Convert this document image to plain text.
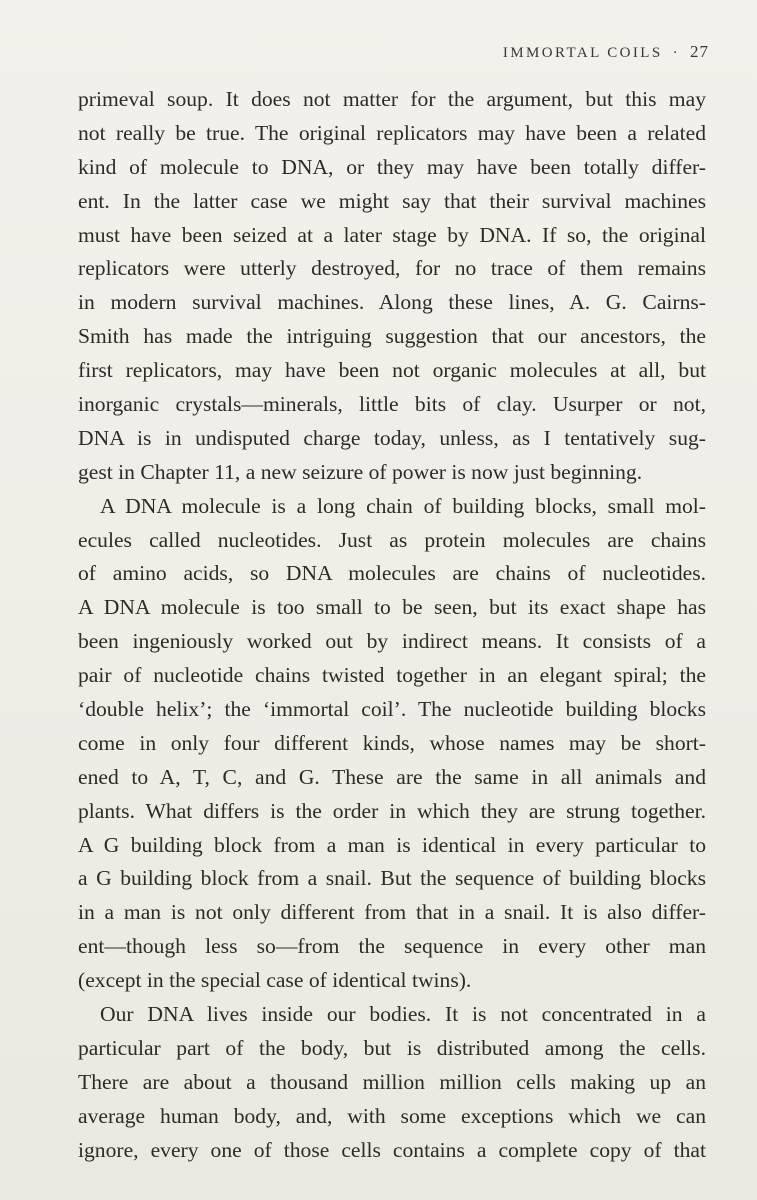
IMMORTAL COILS · 27
primeval soup. It does not matter for the argument, but this may
not really be true. The original replicators may have been a related
kind of molecule to DNA, or they may have been totally differ-
ent. In the latter case we might say that their survival machines
must have been seized at a later stage by DNA. If so, the original
replicators were utterly destroyed, for no trace of them remains
in modern survival machines. Along these lines, A. G. Cairns-
Smith has made the intriguing suggestion that our ancestors, the
first replicators, may have been not organic molecules at all, but
inorganic crystals—minerals, little bits of clay. Usurper or not,
DNA is in undisputed charge today, unless, as I tentatively sug-
gest in Chapter 11, a new seizure of power is now just beginning.
A DNA molecule is a long chain of building blocks, small mol-
ecules called nucleotides. Just as protein molecules are chains
of amino acids, so DNA molecules are chains of nucleotides.
A DNA molecule is too small to be seen, but its exact shape has
been ingeniously worked out by indirect means. It consists of a
pair of nucleotide chains twisted together in an elegant spiral; the
‘double helix’; the ‘immortal coil’. The nucleotide building blocks
come in only four different kinds, whose names may be short-
ened to A, T, C, and G. These are the same in all animals and
plants. What differs is the order in which they are strung together.
A G building block from a man is identical in every particular to
a G building block from a snail. But the sequence of building blocks
in a man is not only different from that in a snail. It is also differ-
ent—though less so—from the sequence in every other man
(except in the special case of identical twins).
Our DNA lives inside our bodies. It is not concentrated in a
particular part of the body, but is distributed among the cells.
There are about a thousand million million cells making up an
average human body, and, with some exceptions which we can
ignore, every one of those cells contains a complete copy of that
